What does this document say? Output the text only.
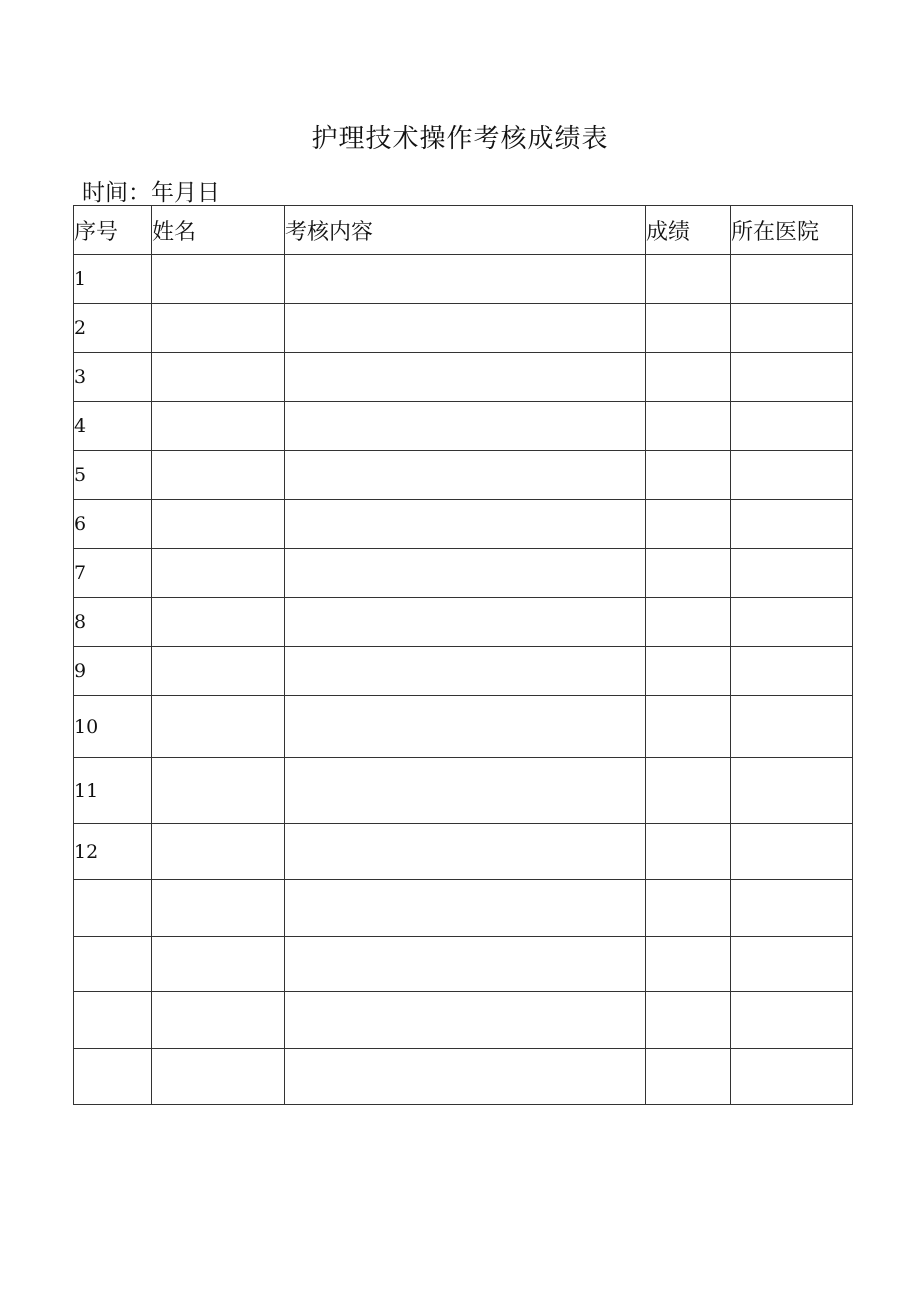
护理技术操作考核成绩表
时间：年月日
序号	姓名	考核内容	成绩	所在医院
1				
2				
3				
4				
5				
6				
7				
8				
9				
10				
11				
12				
